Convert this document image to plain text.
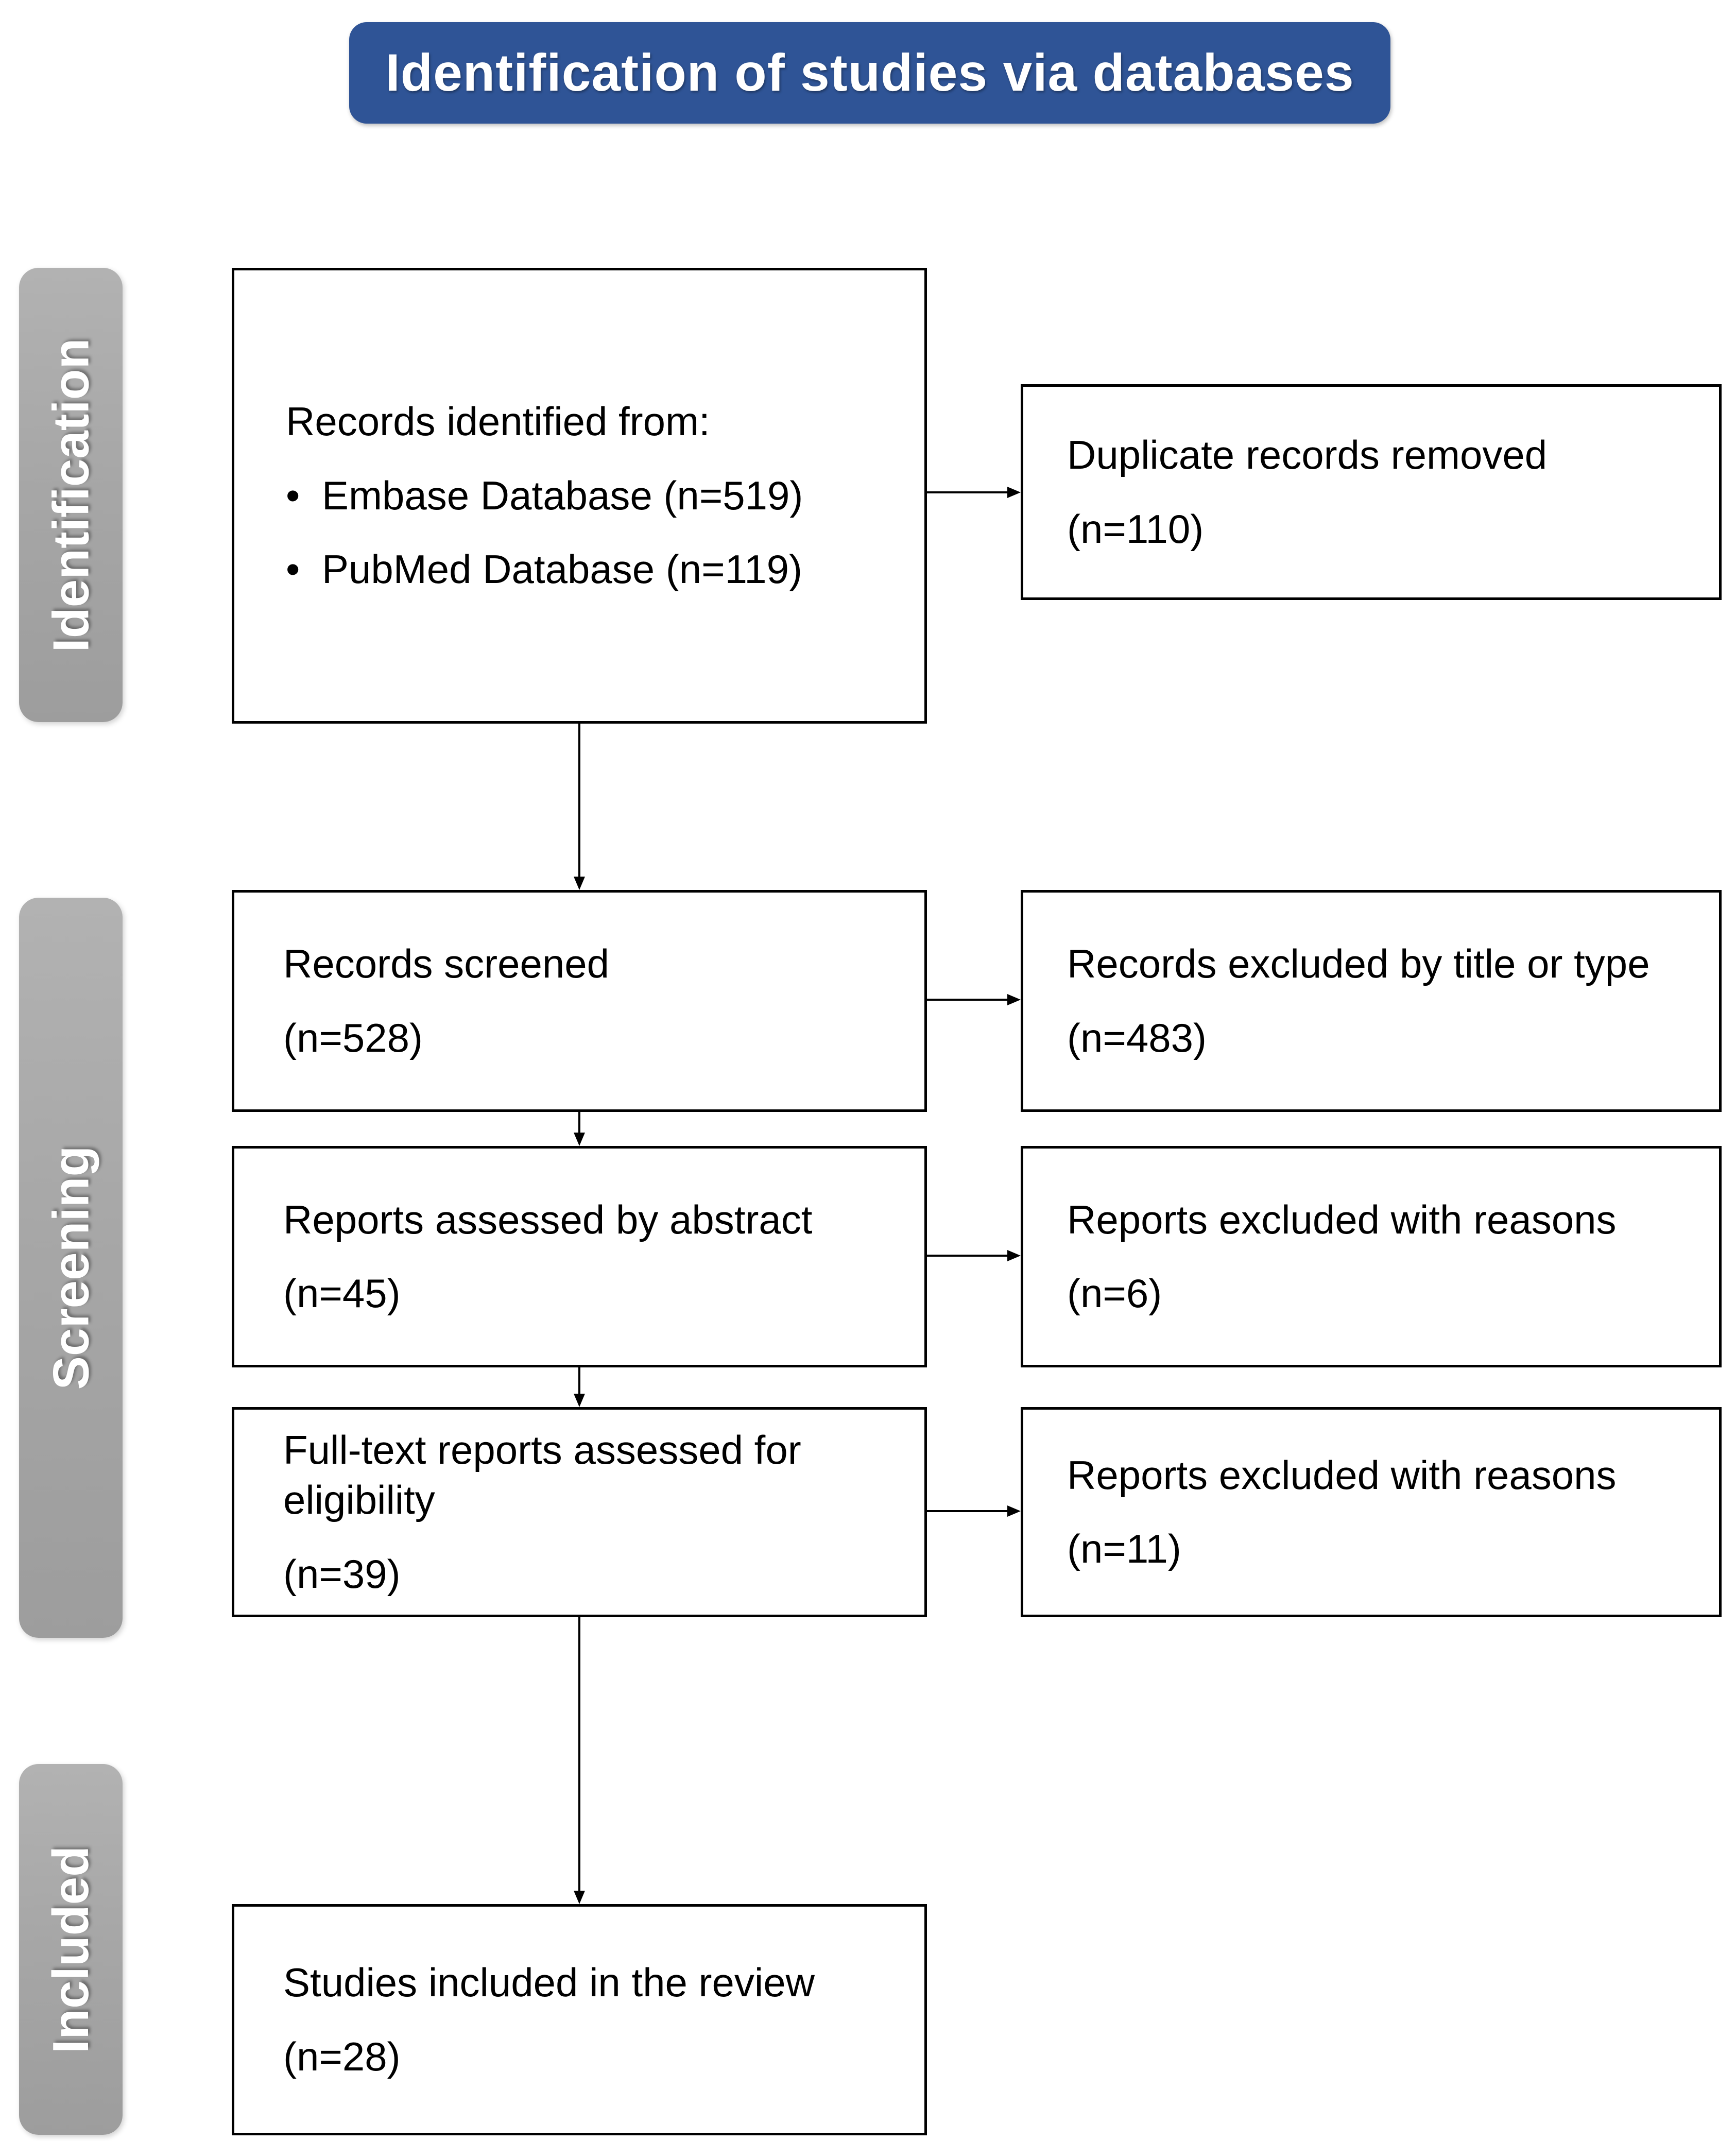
Identification of studies via databases
Identification
Screening
Included

Records identified from:

• Embase Database (n=519)

• PubMed Database (n=119)

Records screened

(n=528)

Reports assessed by abstract

(n=45)

Full-text reports assessed for eligibility

(n=39)

Studies included in the review

(n=28)

Duplicate records removed

(n=110)

Records excluded by title or type

(n=483)

Reports excluded with reasons

(n=6)

Reports excluded with reasons

(n=11)
